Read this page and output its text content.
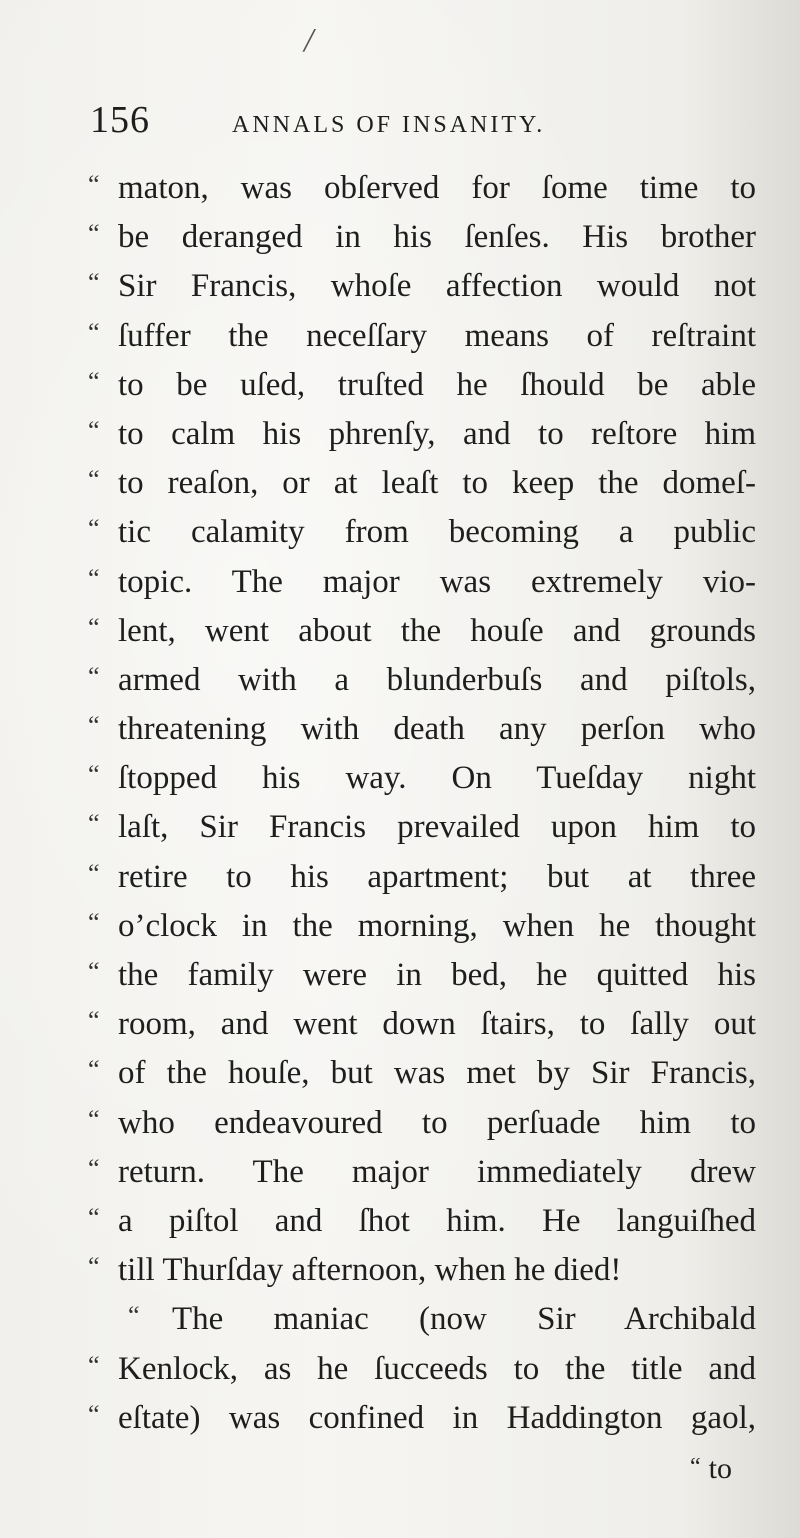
/
156	ANNALS OF INSANITY.
“ maton, was obſerved for ſome time to
“ be deranged in his ſenſes. His brother
“ Sir Francis, whoſe affection would not
“ ſuffer the neceſſary means of reſtraint
“ to be uſed, truſted he ſhould be able
“ to calm his phrenſy, and to reſtore him
“ to reaſon, or at leaſt to keep the domeſ-
“ tic calamity from becoming a public
“ topic. The major was extremely vio-
“ lent, went about the houſe and grounds
“ armed with a blunderbuſs and piſtols,
“ threatening with death any perſon who
“ ſtopped his way. On Tueſday night
“ laſt, Sir Francis prevailed upon him to
“ retire to his apartment; but at three
“ o’clock in the morning, when he thought
“ the family were in bed, he quitted his
“ room, and went down ſtairs, to ſally out
“ of the houſe, but was met by Sir Francis,
“ who endeavoured to perſuade him to
“ return. The major immediately drew
“ a piſtol and ſhot him. He languiſhed
“ till Thurſday afternoon, when he died!
“ The maniac (now Sir Archibald
“ Kenlock, as he ſucceeds to the title and
“ eſtate) was confined in Haddington gaol,
“ to
